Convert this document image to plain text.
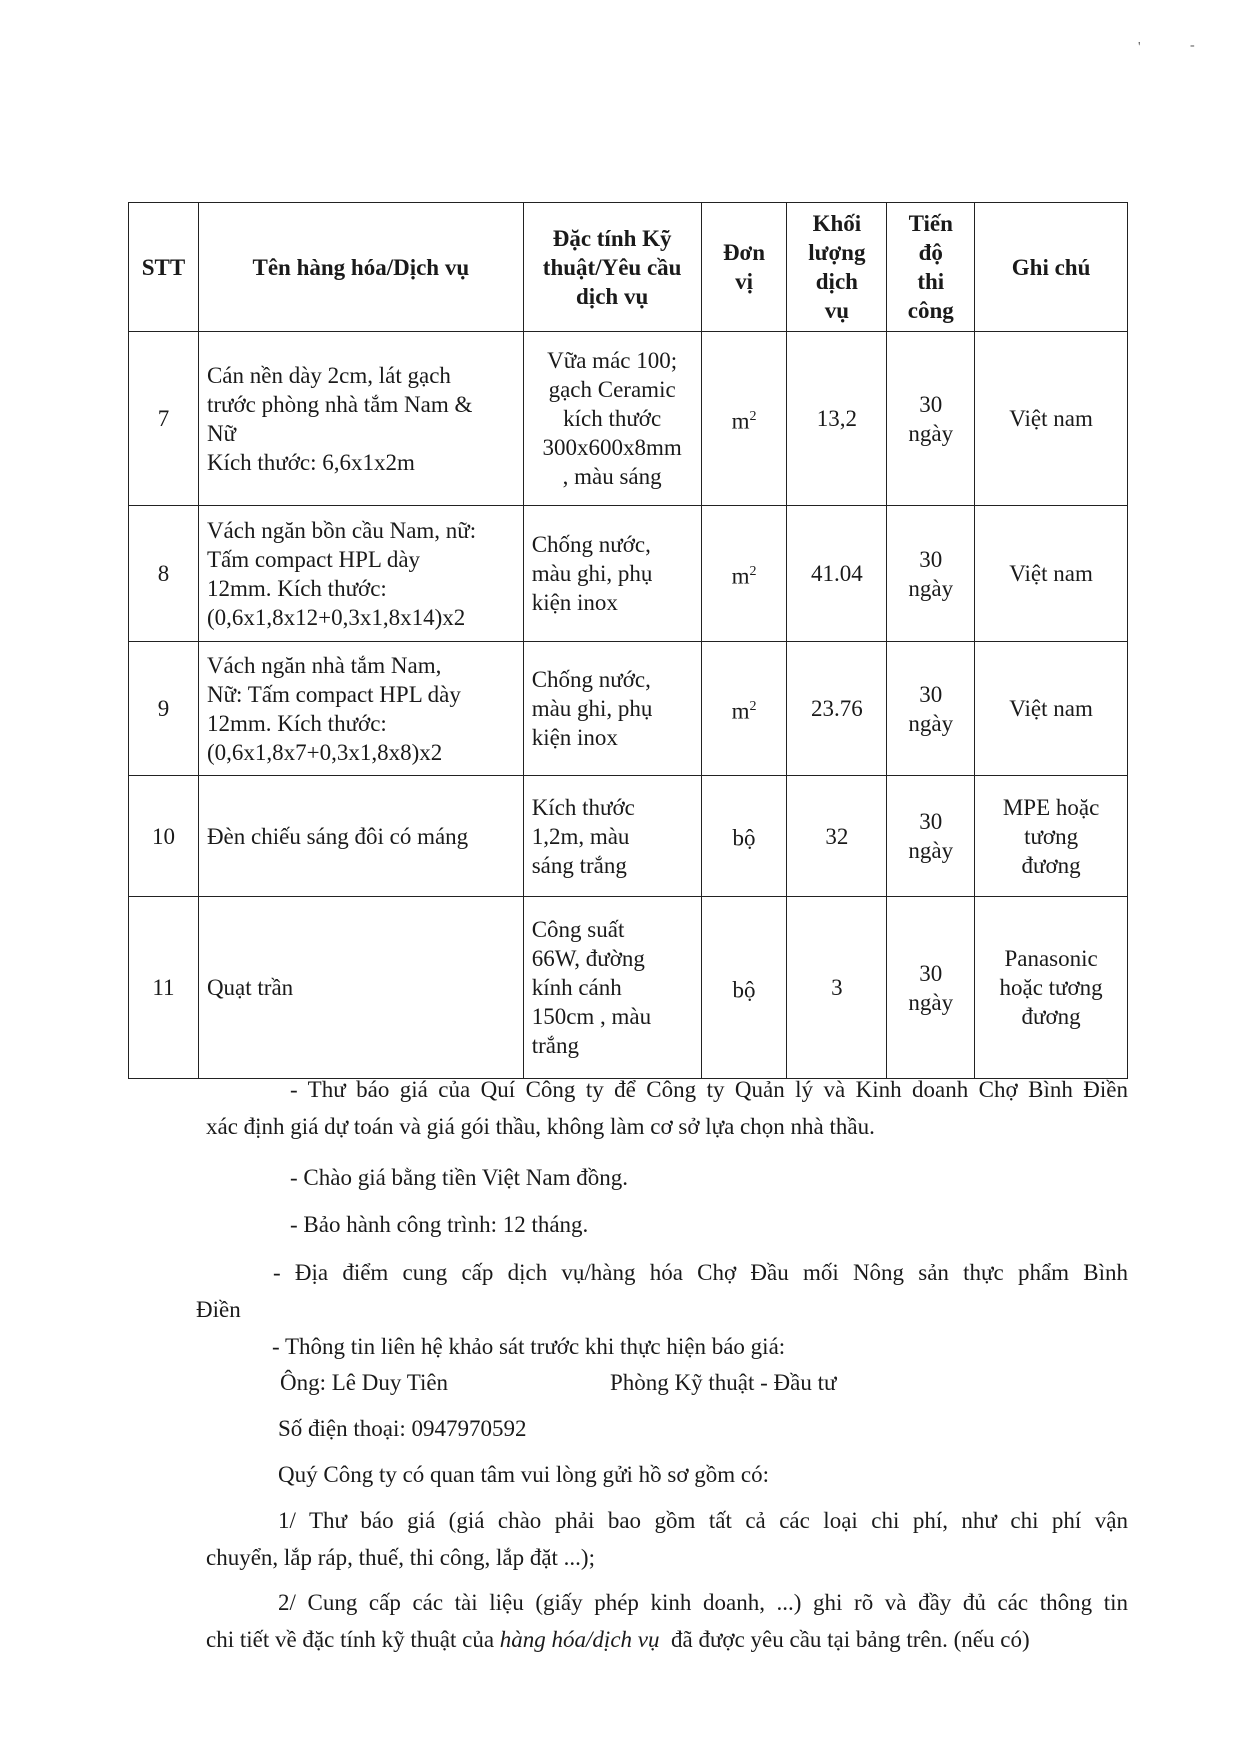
'	-
STT	Tên hàng hóa/Dịch vụ	Đặc tính Kỹ
thuật/Yêu cầu
dịch vụ	Đơn
vị	Khối
lượng
dịch
vụ	Tiến
độ
thi
công	Ghi chú
7	Cán nền dày 2cm, lát gạch
trước phòng nhà tắm Nam &
Nữ
Kích thước: 6,6x1x2m	Vữa mác 100;
gạch Ceramic
kích thước
300x600x8mm
, màu sáng	$m^2$	13,2	30
ngày	Việt nam
8	Vách ngăn bồn cầu Nam, nữ:
Tấm compact HPL dày
12mm. Kích thước:
(0,6x1,8x12+0,3x1,8x14)x2	Chống nước,
màu ghi, phụ
kiện inox	$m^2$	41.04	30
ngày	Việt nam
9	Vách ngăn nhà tắm Nam,
Nữ: Tấm compact HPL dày
12mm. Kích thước:
(0,6x1,8x7+0,3x1,8x8)x2	Chống nước,
màu ghi, phụ
kiện inox	$m^2$	23.76	30
ngày	Việt nam
10	Đèn chiếu sáng đôi có máng	Kích thước
1,2m, màu
sáng trắng	bộ	32	30
ngày	MPE hoặc
tương
đương
11	Quạt trần	Công suất
66W, đường
kính cánh
150cm , màu
trắng	bộ	3	30
ngày	Panasonic
hoặc tương
đương
- Thư báo giá của Quí Công ty để Công ty Quản lý và Kinh doanh Chợ Bình Điền
xác định giá dự toán và giá gói thầu, không làm cơ sở lựa chọn nhà thầu.
- Chào giá bằng tiền Việt Nam đồng.
- Bảo hành công trình: 12 tháng.
- Địa điểm cung cấp dịch vụ/hàng hóa Chợ Đầu mối Nông sản thực phẩm Bình
Điền
- Thông tin liên hệ khảo sát trước khi thực hiện báo giá:
Ông: Lê Duy Tiên	Phòng Kỹ thuật - Đầu tư
Số điện thoại: 0947970592
Quý Công ty có quan tâm vui lòng gửi hồ sơ gồm có:
1/ Thư báo giá (giá chào phải bao gồm tất cả các loại chi phí, như chi phí vận
chuyển, lắp ráp, thuế, thi công, lắp đặt ...);
2/ Cung cấp các tài liệu (giấy phép kinh doanh, ...) ghi rõ và đầy đủ các thông tin
chi tiết về đặc tính kỹ thuật của hàng hóa/dịch vụ  đã được yêu cầu tại bảng trên. (nếu có)
